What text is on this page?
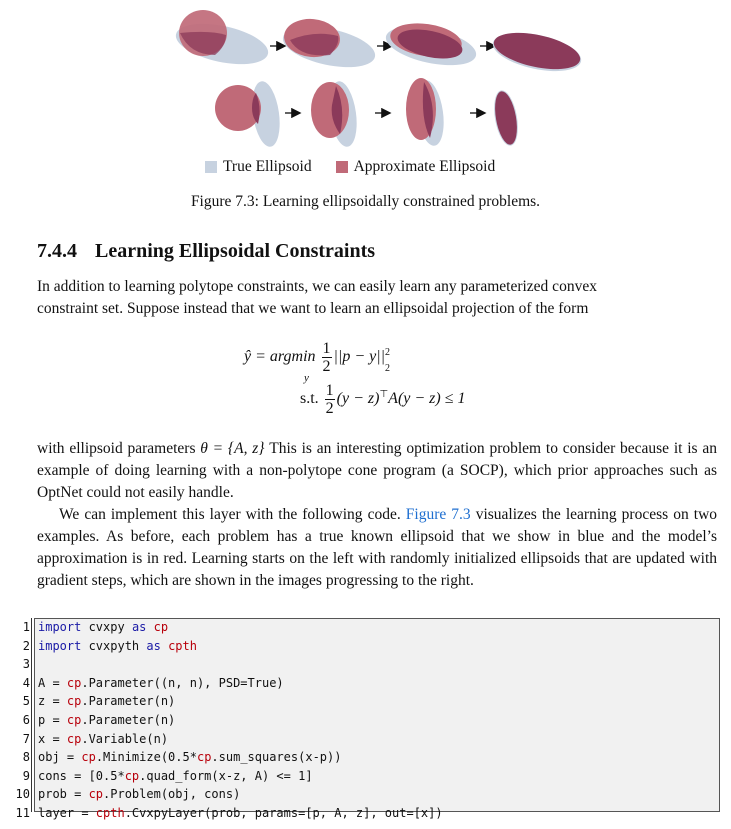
True Ellipsoid	Approximate Ellipsoid
Figure 7.3: Learning ellipsoidally constrained problems.
7.4.4 Learning Ellipsoidal Constraints

In addition to learning polytope constraints, we can easily learn any parameterized convex

constraint set. Suppose instead that we want to learn an ellipsoidal projection of the form

ŷ = argmin
y

$\frac{1}{2} ||p - y||$ 2
2
s.t. $\frac{1}{2} (y - z)^⊤A(y - z) \le 1$

with ellipsoid parameters θ = {A, z} This is an interesting optimization problem to consider because it is an example of doing learning with a non-polytope cone program (a SOCP), which prior approaches such as OptNet could not easily handle.

We can implement this layer with the following code. Figure 7.3 visualizes the learning process on two examples. As before, each problem has a true known ellipsoid that we show in blue and the model’s approximation is in red. Learning starts on the left with randomly initialized ellipsoids that are updated with gradient steps, which are shown in the images progressing to the right.

1
2
3
4
5
6
7
8
9
10
11
import cvxpy as cp
import cvxpyth as cpth
A = cp.Parameter((n, n), PSD=True)
z = cp.Parameter(n)
p = cp.Parameter(n)
x = cp.Variable(n)
obj = cp.Minimize(0.5*cp.sum_squares(x-p))
cons = [0.5*cp.quad_form(x-z, A) <= 1]
prob = cp.Problem(obj, cons)
layer = cpth.CvxpyLayer(prob, params=[p, A, z], out=[x])
